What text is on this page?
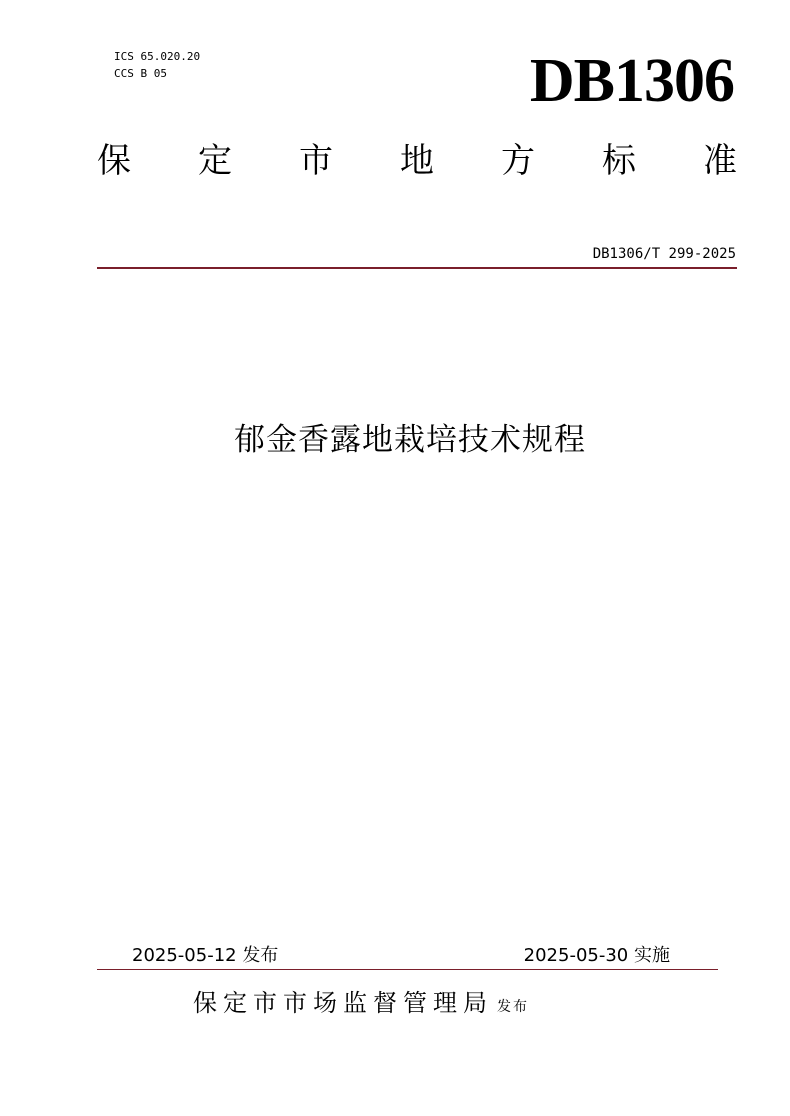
ICS 65.020.20
CCS B 05	DB1306
保 定 市 地 方 标 准
DB1306/T 299-2025
郁金香露地栽培技术规程
2025-05-12 发布	2025-05-30 实施
保定市市场监督管理局 发布
